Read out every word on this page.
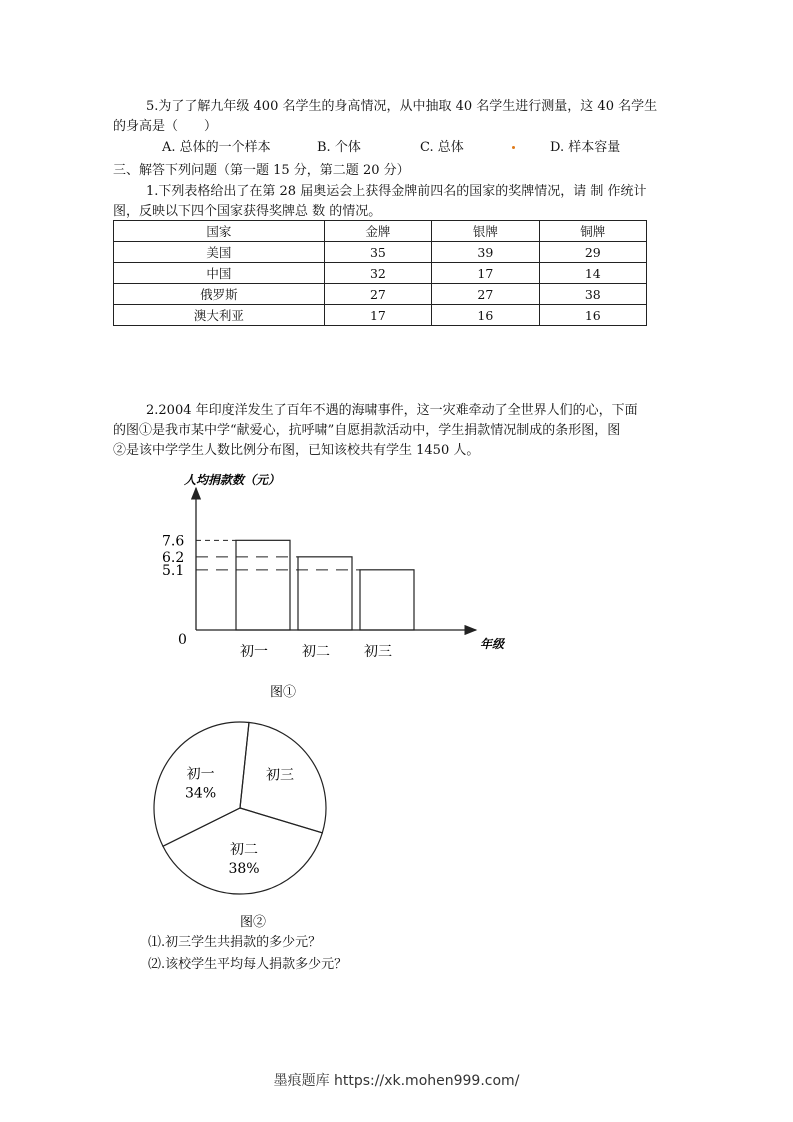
5.为了了解九年级 400 名学生的身高情况，从中抽取 40 名学生进行测量，这 40 名学生
的身高是（　　）
A. 总体的一个样本	B. 个体	C. 总体	D. 样本容量
三、解答下列问题（第一题 15 分，第二题 20 分）
1.下列表格给出了在第 28 届奥运会上获得金牌前四名的国家的奖牌情况，请 制 作统计
图，反映以下四个国家获得奖牌总 数 的情况。
国家	金牌	银牌	铜牌
美国	35	39	29
中国	32	17	14
俄罗斯	27	27	38
澳大利亚	17	16	16
2.2004 年印度洋发生了百年不遇的海啸事件，这一灾难牵动了全世界人们的心，下面
的图①是我市某中学“献爱心，抗呼啸”自愿捐款活动中，学生捐款情况制成的条形图，图
②是该中学学生人数比例分布图，已知该校共有学生 1450 人。
人均捐款数（元）
年级
0
7.6
初一
6.2
初二
5.1
初三
图①
初一
34%
初二
38%
初三
图②
⑴.初三学生共捐款的多少元？
⑵.该校学生平均每人捐款多少元？
墨痕题库 https://xk.mohen999.com/
